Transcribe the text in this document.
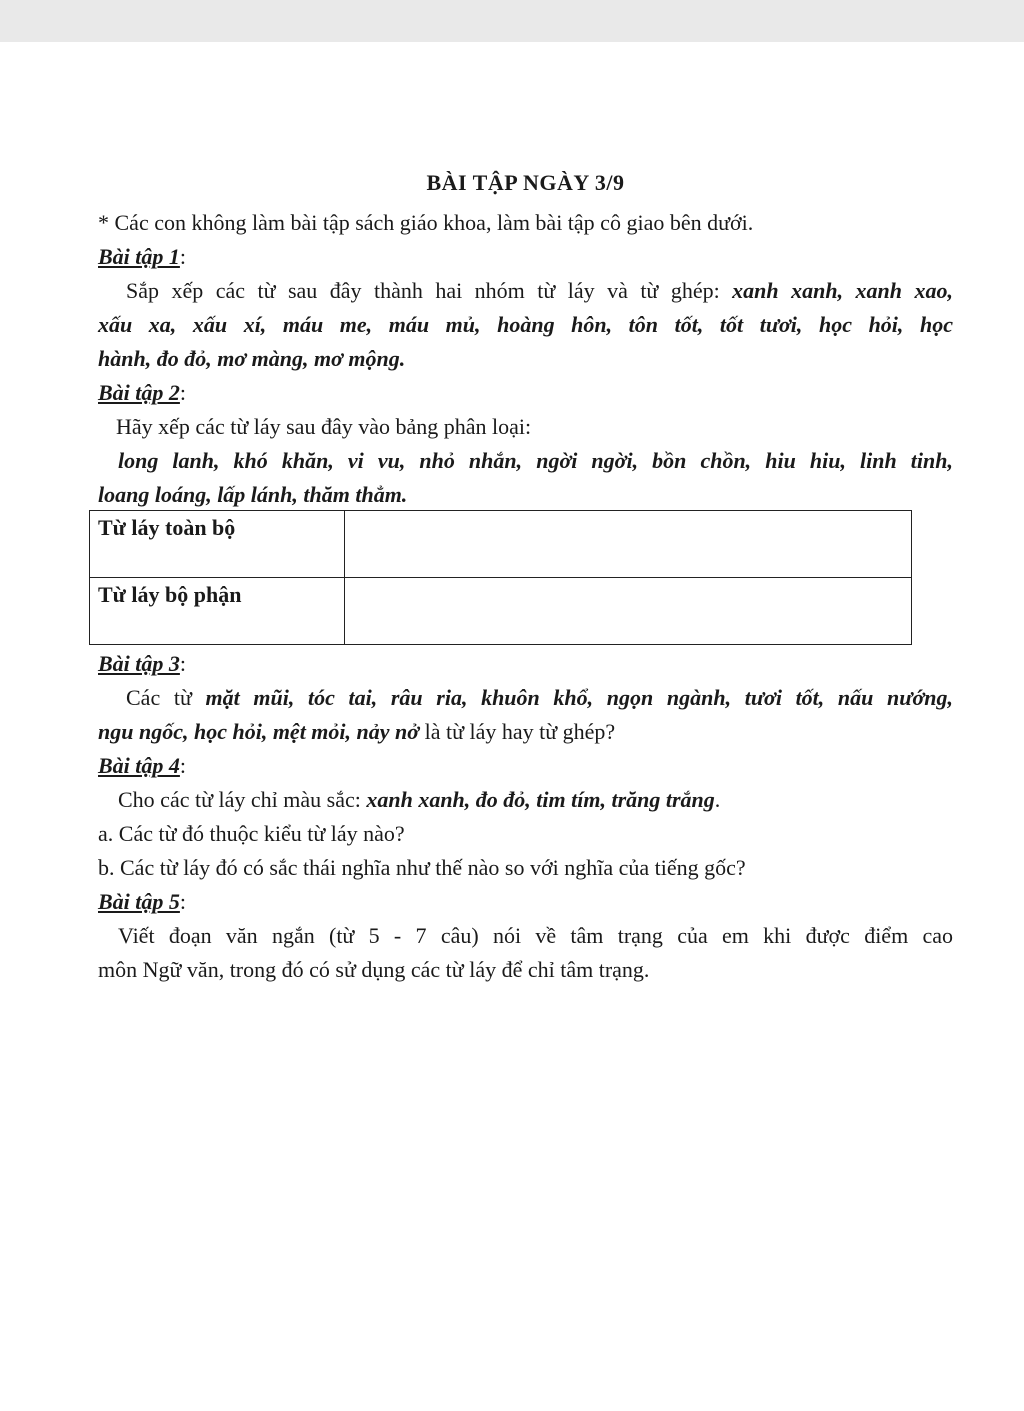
BÀI TẬP NGÀY 3/9
* Các con không làm bài tập sách giáo khoa, làm bài tập cô giao bên dưới.
Bài tập 1:
Sắp xếp các từ sau đây thành hai nhóm từ láy và từ ghép: xanh xanh, xanh xao,
xấu xa, xấu xí, máu me, máu mủ, hoàng hôn, tôn tốt, tốt tươi, học hỏi, học
hành, đo đỏ, mơ màng, mơ mộng.
Bài tập 2:
Hãy xếp các từ láy sau đây vào bảng phân loại:
long lanh, khó khăn, vi vu, nhỏ nhắn, ngời ngời, bồn chồn, hiu hiu, linh tinh,
loang loáng, lấp lánh, thăm thẳm.
Từ láy toàn bộ	
Từ láy bộ phận	
Bài tập 3:
Các từ mặt mũi, tóc tai, râu ria, khuôn khổ, ngọn ngành, tươi tốt, nấu nướng,
ngu ngốc, học hỏi, mệt mỏi, nảy nở là từ láy hay từ ghép?
Bài tập 4:
Cho các từ láy chỉ màu sắc: xanh xanh, đo đỏ, tim tím, trăng trắng.
a. Các từ đó thuộc kiểu từ láy nào?
b. Các từ láy đó có sắc thái nghĩa như thế nào so với nghĩa của tiếng gốc?
Bài tập 5:
Viết đoạn văn ngắn (từ 5 - 7 câu) nói về tâm trạng của em khi được điểm cao
môn Ngữ văn, trong đó có sử dụng các từ láy để chỉ tâm trạng.
